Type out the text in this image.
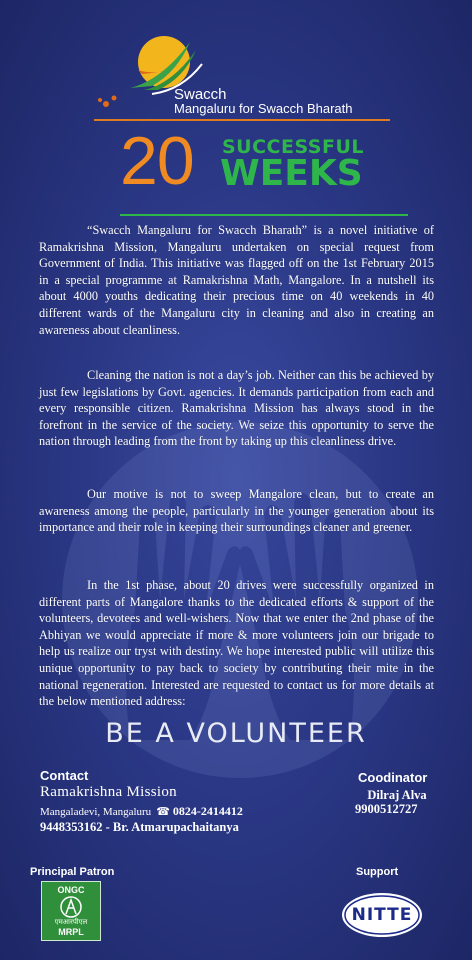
Swacch
Mangaluru for Swacch Bharath
20 SUCCESSFUL
WEEKS

“Swacch Mangaluru for Swacch Bharath” is a novel initiative of Ramakrishna Mission, Mangaluru undertaken on special request from Government of India. This initiative was flagged off on the 1st February 2015 in a special programme at Ramakrishna Math, Mangalore. In a nutshell its about 4000 youths dedicating their precious time on 40 weekends in 40 different wards of the Mangaluru city in cleaning and also in creating an awareness about cleanliness.

Cleaning the nation is not a day’s job. Neither can this be achieved by just few legislations by Govt. agencies. It demands participation from each and every responsible citizen. Ramakrishna Mission has always stood in the forefront in the service of the society. We seize this opportunity to serve the nation through leading from the front by taking up this cleanliness drive.

Our motive is not to sweep Mangalore clean, but to create an awareness among the people, particularly in the younger generation about its importance and their role in keeping their surroundings cleaner and greener.

In the 1st phase, about 20 drives were successfully organized in different parts of Mangalore thanks to the dedicated efforts & support of the volunteers, devotees and well-wishers. Now that we enter the 2nd phase of the Abhiyan we would appreciate if more & more volunteers join our brigade to help us realize our tryst with destiny. We hope interested public will utilize this unique opportunity to pay back to society by contributing their mite in the national regeneration. Interested are requested to contact us for more details at the below mentioned address:

BE A VOLUNTEER
Contact
Ramakrishna Mission
Mangaladevi, Mangaluru ☎ 0824-2414412
9448353162 - Br. Atmarupachaitanya
Coodinator
Dilraj Alva
9900512727
Principal Patron
ONGC
एमआरपीएल
MRPL
Support
NITTE
